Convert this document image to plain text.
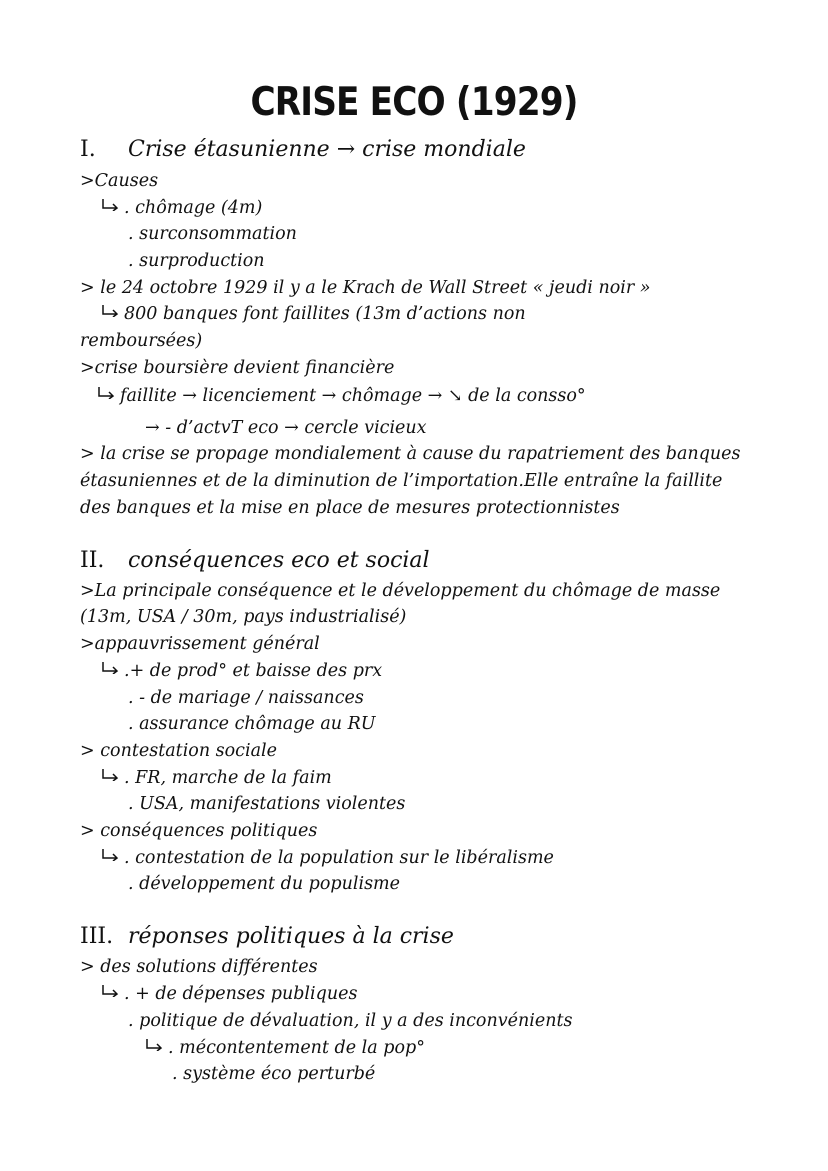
CRISE ECO (1929)
I. Crise étasunienne → crise mondiale
>Causes
. chômage (4m)
. surconsommation
. surproduction
> le 24 octobre 1929 il y a le Krach de Wall Street « jeudi noir »
800 banques font faillites (13m d’actions non
remboursées)
>crise boursière devient financière
faillite → licenciement → chômage → ↘ de la consso°
→ - d’actvT eco → cercle vicieux
> la crise se propage mondialement à cause du rapatriement des banques
étasuniennes et de la diminution de l’importation.Elle entraîne la faillite
des banques et la mise en place de mesures protectionnistes
II. conséquences eco et social
>La principale conséquence et le développement du chômage de masse
(13m, USA / 30m, pays industrialisé)
>appauvrissement général
.+ de prod° et baisse des prx
. - de mariage / naissances
. assurance chômage au RU
> contestation sociale
. FR, marche de la faim
. USA, manifestations violentes
> conséquences politiques
. contestation de la population sur le libéralisme
. développement du populisme
III. réponses politiques à la crise
> des solutions différentes
. + de dépenses publiques
. politique de dévaluation, il y a des inconvénients
. mécontentement de la pop°
. système éco perturbé
